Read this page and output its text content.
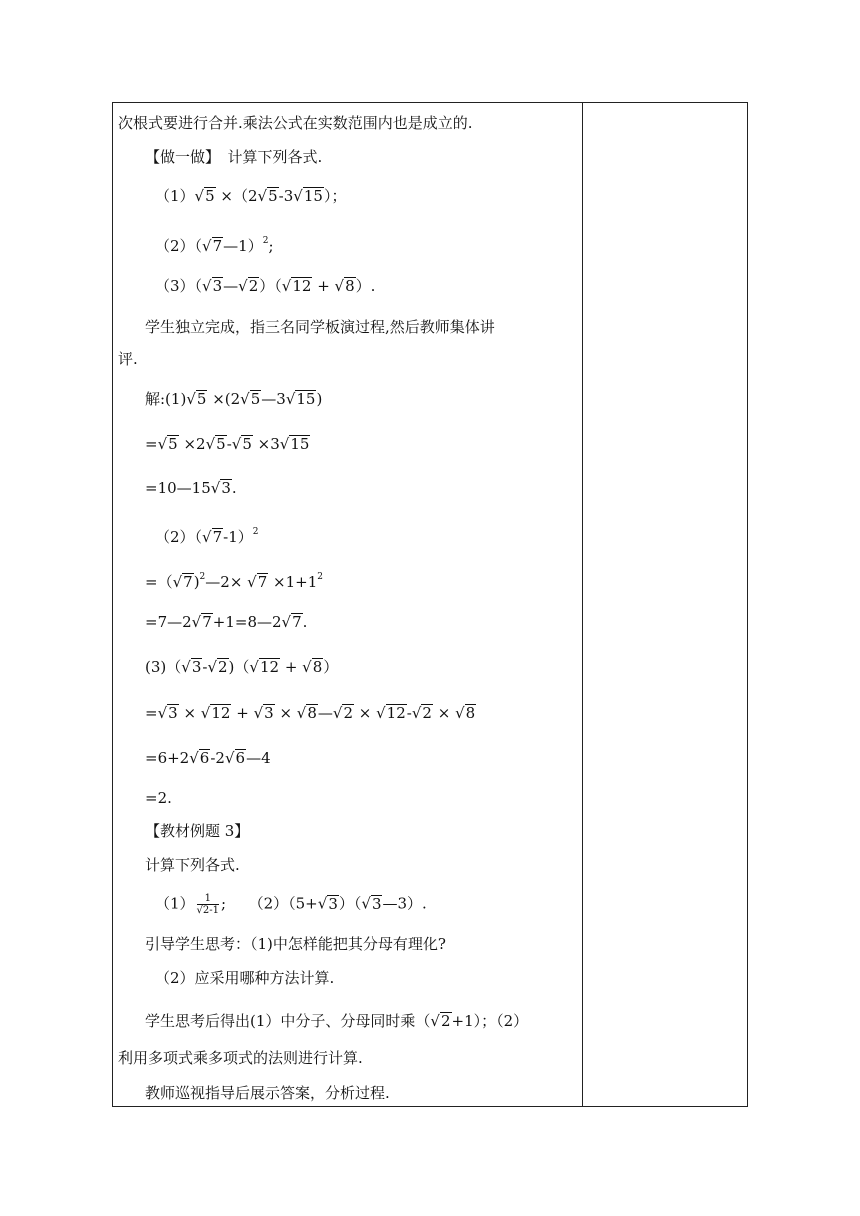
次根式要进行合并.乘法公式在实数范围内也是成立的.
【做一做】　计算下列各式.
（1）√5 ×（2√5-3√15）；
（2）（√7—1）$^2$;
（3）（√3—√2）（√12 + √8）.
学生独立完成，指三名同学板演过程,然后教师集体讲
评.
解:(1)√5 ×(2√5—3√15)
=√5 ×2√5-√5 ×3√15
=10—15√3.
$(2)(√7-1)^2$
=（√7)$^2$—2× $√7 \times 1+1^2$
=7—2√7+1=8—2√7.
(3)（√3-√2)（√12 + √8）
=√3 × √12 + √3 × √8—√2 × √12-√2 × √8
=6+2√6-2√6—4
=2.
【教材例题 3】
计算下列各式.
$(1) \frac{1}{√2-1}$ ;　　（2）（5+√3）（√3—3）.
引导学生思考：（1)中怎样能把其分母有理化?
（2）应采用哪种方法计算.
学生思考后得出(1）中分子、分母同时乘（√2+1）；（2）
利用多项式乘多项式的法则进行计算.
教师巡视指导后展示答案，分析过程.
